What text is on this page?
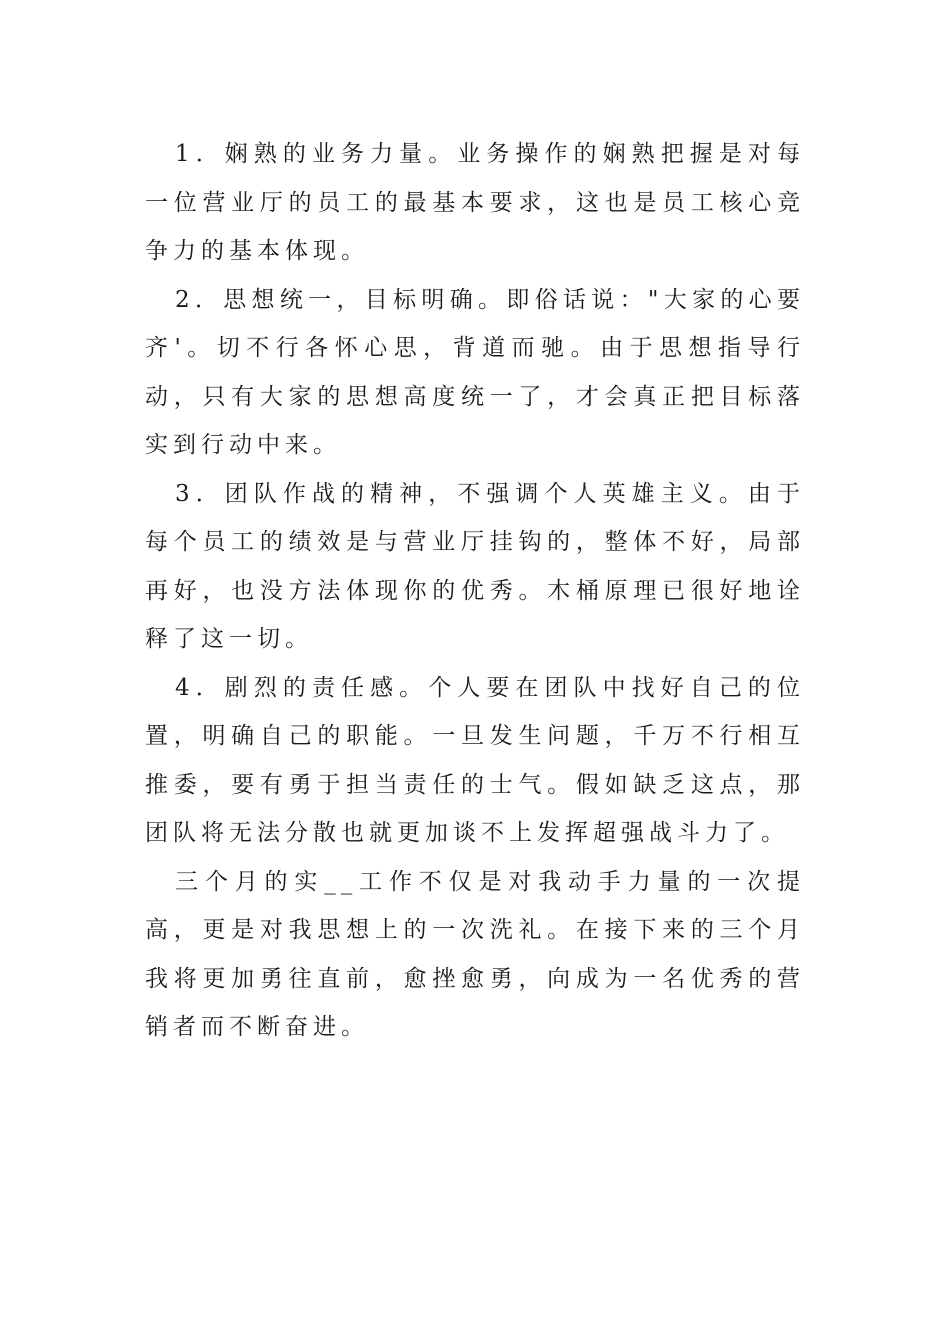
1．娴熟的业务力量。业务操作的娴熟把握是对每一位营业厅的员工的最基本要求，这也是员工核心竞争力的基本体现。

2．思想统一，目标明确。即俗话说："大家的心要齐'。切不行各怀心思，背道而驰。由于思想指导行动，只有大家的思想高度统一了，才会真正把目标落实到行动中来。

3．团队作战的精神，不强调个人英雄主义。由于每个员工的绩效是与营业厅挂钩的，整体不好，局部再好，也没方法体现你的优秀。木桶原理已很好地诠释了这一切。

4．剧烈的责任感。个人要在团队中找好自己的位置，明确自己的职能。一旦发生问题，千万不行相互推委，要有勇于担当责任的士气。假如缺乏这点，那团队将无法分散也就更加谈不上发挥超强战斗力了。

三个月的实__工作不仅是对我动手力量的一次提高，更是对我思想上的一次洗礼。在接下来的三个月我将更加勇往直前，愈挫愈勇，向成为一名优秀的营销者而不断奋进。
